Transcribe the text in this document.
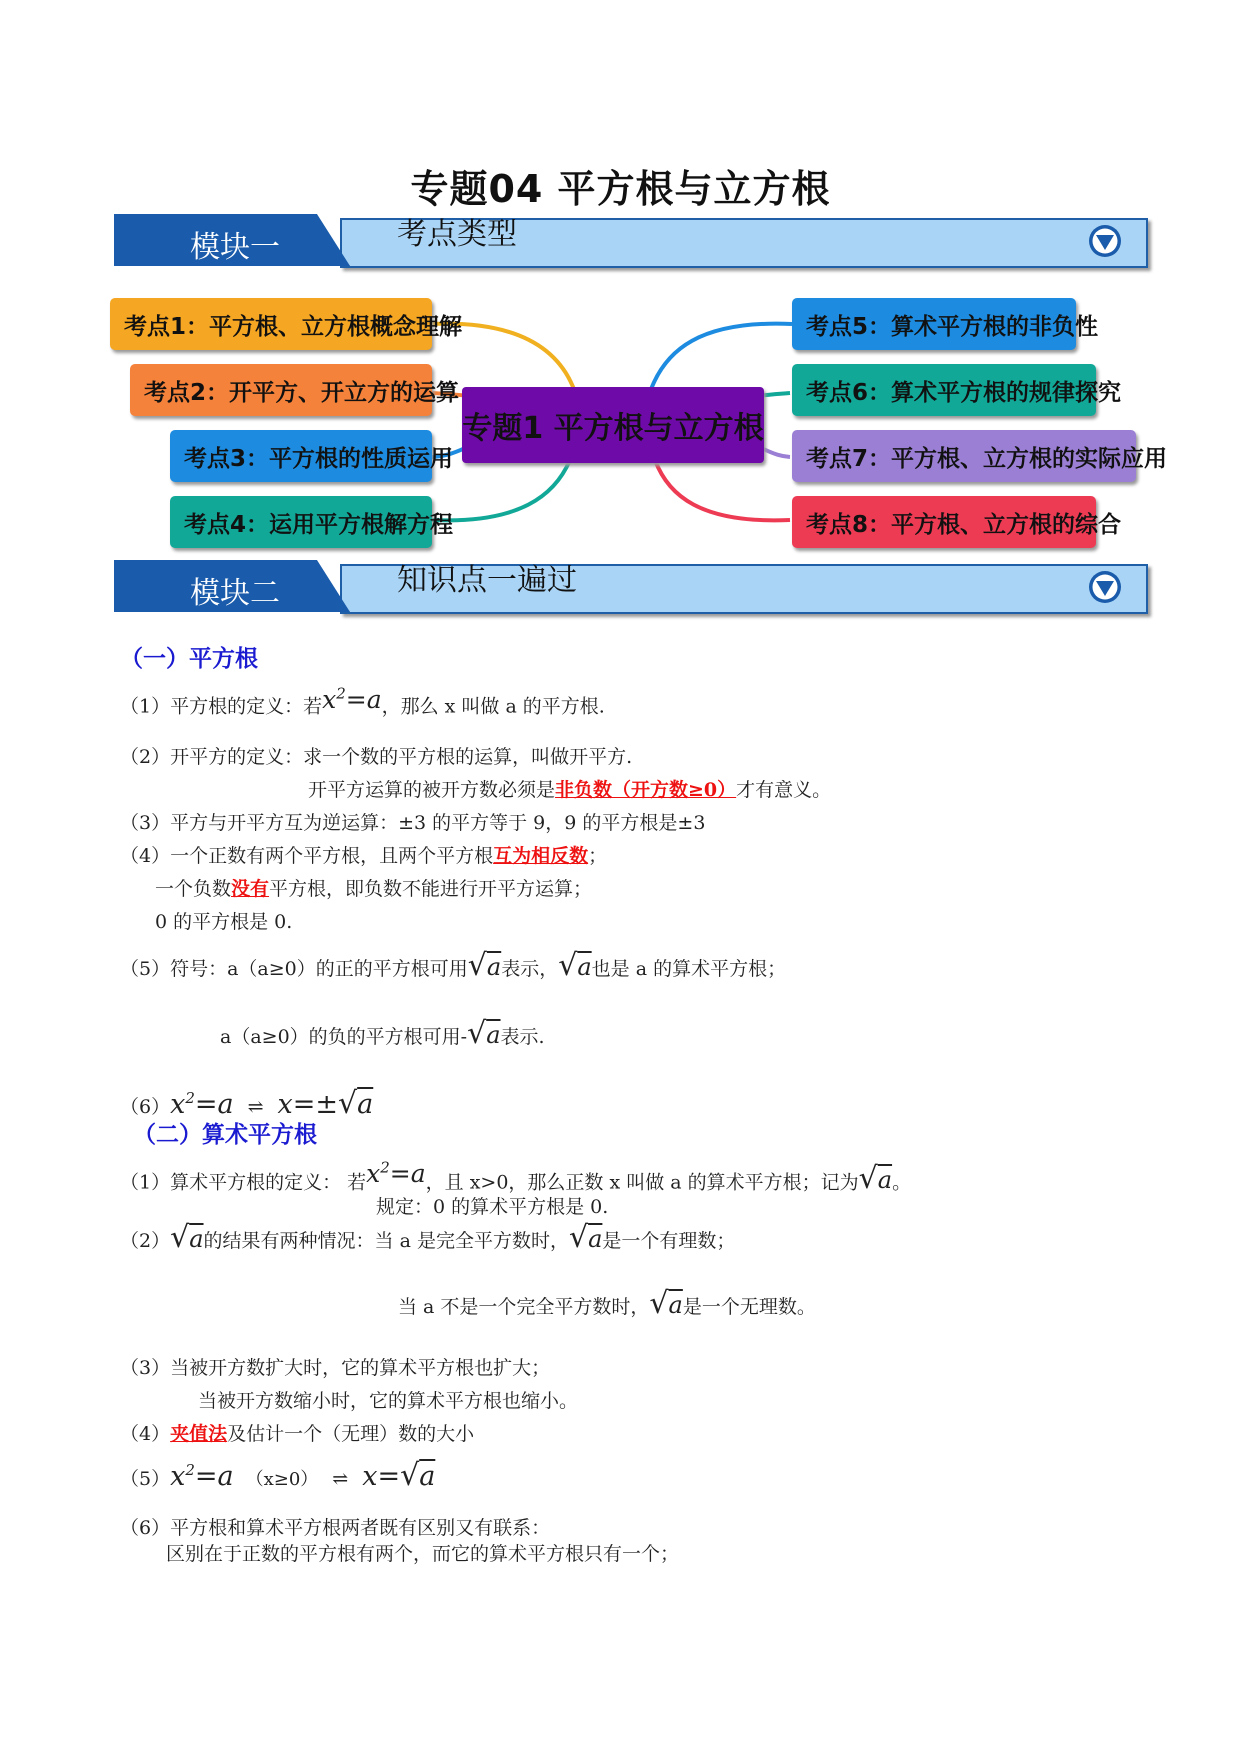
专题04 平方根与立方根
模块一	考点类型
考点1：平方根、立方根概念理解
考点2：开平方、开立方的运算
考点3：平方根的性质运用
考点4：运用平方根解方程
考点5：算术平方根的非负性
考点6：算术平方根的规律探究
考点7：平方根、立方根的实际应用
考点8：平方根、立方根的综合
专题1 平方根与立方根
模块二	知识点一遍过
（一）平方根
（1）平方根的定义：若$x^2=a$，那么 x 叫做 a 的平方根.
（2）开平方的定义：求一个数的平方根的运算，叫做开平方.
开平方运算的被开方数必须是非负数（开方数≥0）才有意义。
（3）平方与开平方互为逆运算：±3 的平方等于 9，9 的平方根是±3
（4）一个正数有两个平方根，且两个平方根互为相反数；
一个负数没有平方根，即负数不能进行开平方运算；
0 的平方根是 0.
（5）符号：a（a≥0）的正的平方根可用√a表示，√a也是 a 的算术平方根；
a（a≥0）的负的平方根可用-√a表示.
$(6)x^2=a$ ⇌ x=±√a
（二）算术平方根
（1）算术平方根的定义： 若$x^2=a$，且 x>0，那么正数 x 叫做 a 的算术平方根；记为√a。
规定：0 的算术平方根是 0.
（2）√a的结果有两种情况：当 a 是完全平方数时，√a是一个有理数；
当 a 不是一个完全平方数时，√a是一个无理数。
（3）当被开方数扩大时，它的算术平方根也扩大；
当被开方数缩小时，它的算术平方根也缩小。
（4）夹值法及估计一个（无理）数的大小
$(5)x^2=a$ （x≥0） ⇌ x=√a
（6）平方根和算术平方根两者既有区别又有联系：
区别在于正数的平方根有两个，而它的算术平方根只有一个；
